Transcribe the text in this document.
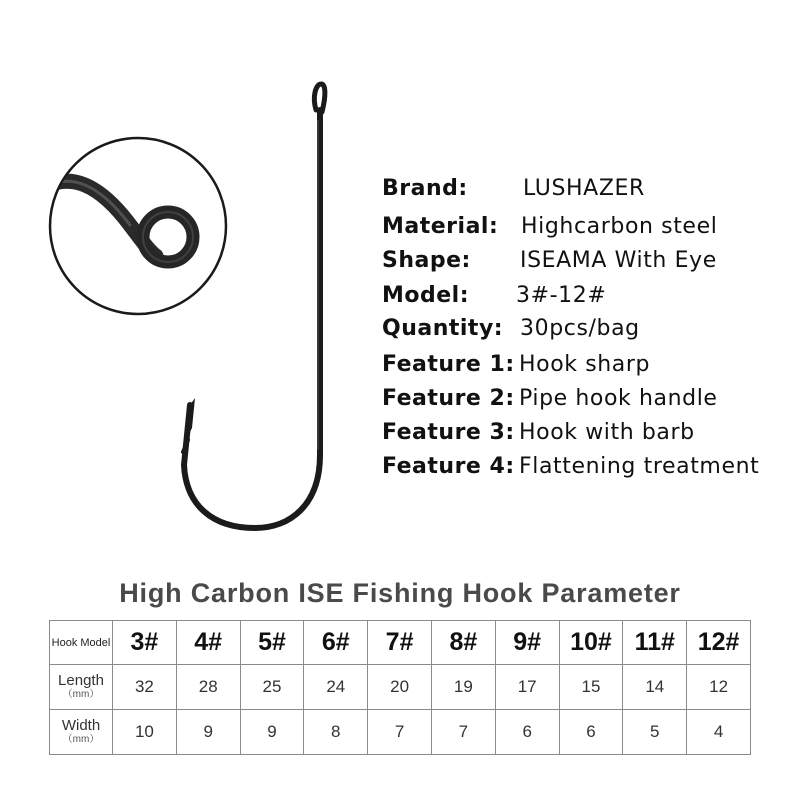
Brand:	LUSHAZER
Material: Highcarbon steel
Shape: ISEAMA With Eye
Model: 3#-12#
Quantity: 30pcs/bag
Feature 1: Hook sharp
Feature 2: Pipe hook handle
Feature 3: Hook with barb
Feature 4: Flattening treatment
High Carbon ISE Fishing Hook Parameter
Hook Model	3#	4#	5#	6#	7#	8#	9#	10#	11#	12#

Length
（mm）	32	28	25	24	20	19	17	15	14	12

Width
（mm）	10	9	9	8	7	7	6	6	5	4
